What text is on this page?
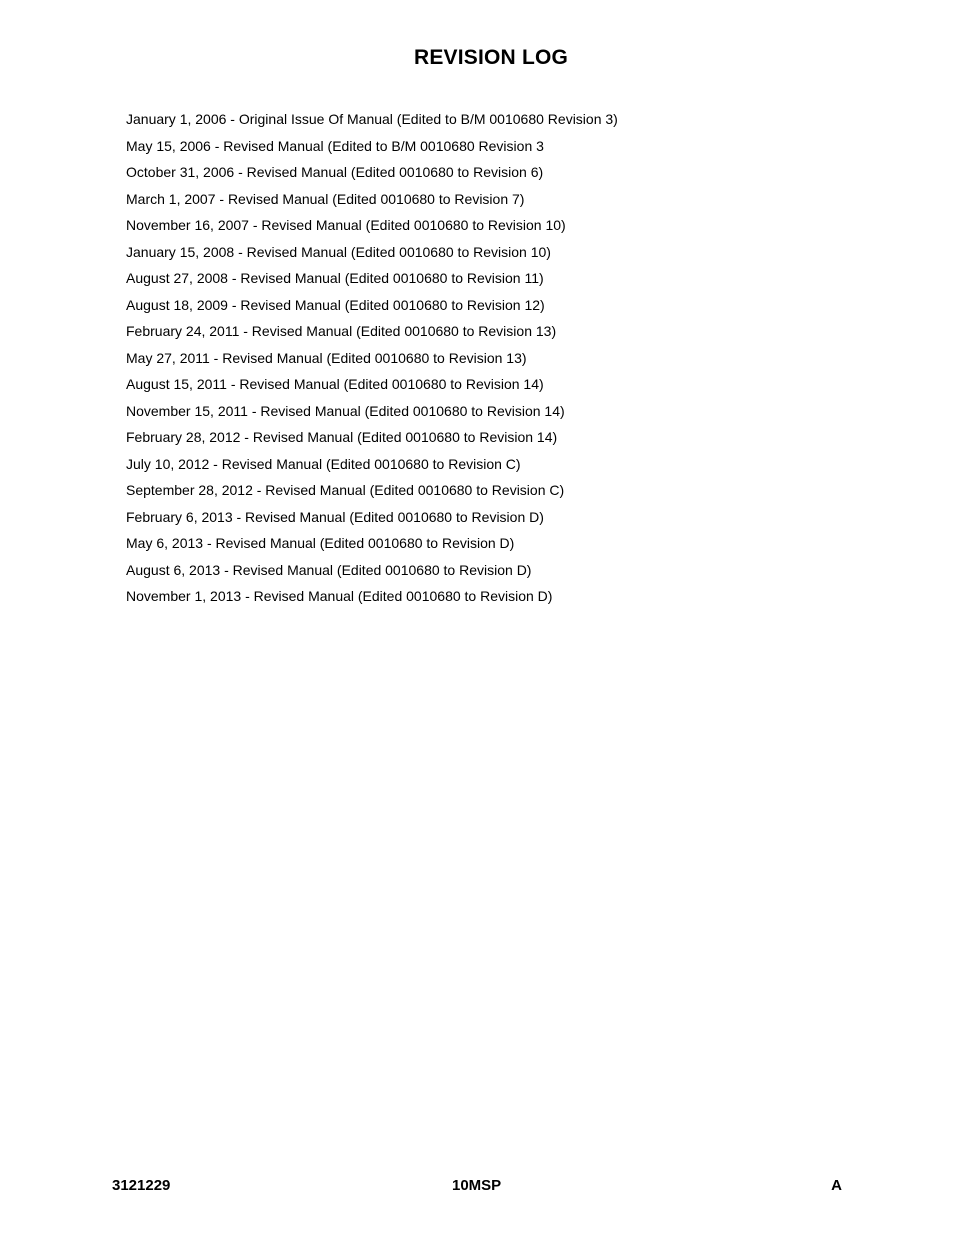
REVISION LOG
January 1, 2006 - Original Issue Of Manual (Edited to B/M 0010680 Revision 3)
May 15, 2006 - Revised Manual (Edited to B/M 0010680 Revision 3
October 31, 2006 - Revised Manual (Edited 0010680 to Revision 6)
March 1, 2007 - Revised Manual (Edited 0010680 to Revision 7)
November 16, 2007 - Revised Manual (Edited 0010680 to Revision 10)
January 15, 2008 - Revised Manual (Edited 0010680 to Revision 10)
August 27, 2008 - Revised Manual (Edited 0010680 to Revision 11)
August 18, 2009 - Revised Manual (Edited 0010680 to Revision 12)
February 24, 2011 - Revised Manual (Edited 0010680 to Revision 13)
May 27, 2011 - Revised Manual (Edited 0010680 to Revision 13)
August 15, 2011 - Revised Manual (Edited 0010680 to Revision 14)
November 15, 2011 - Revised Manual (Edited 0010680 to Revision 14)
February 28, 2012 - Revised Manual (Edited 0010680 to Revision 14)
July 10, 2012 - Revised Manual (Edited 0010680 to Revision C)
September 28, 2012 - Revised Manual (Edited 0010680 to Revision C)
February 6, 2013 - Revised Manual (Edited 0010680 to Revision D)
May 6, 2013 - Revised Manual (Edited 0010680 to Revision D)
August 6, 2013 - Revised Manual (Edited 0010680 to Revision D)
November 1, 2013 - Revised Manual (Edited 0010680 to Revision D)
3121229	10MSP	A
